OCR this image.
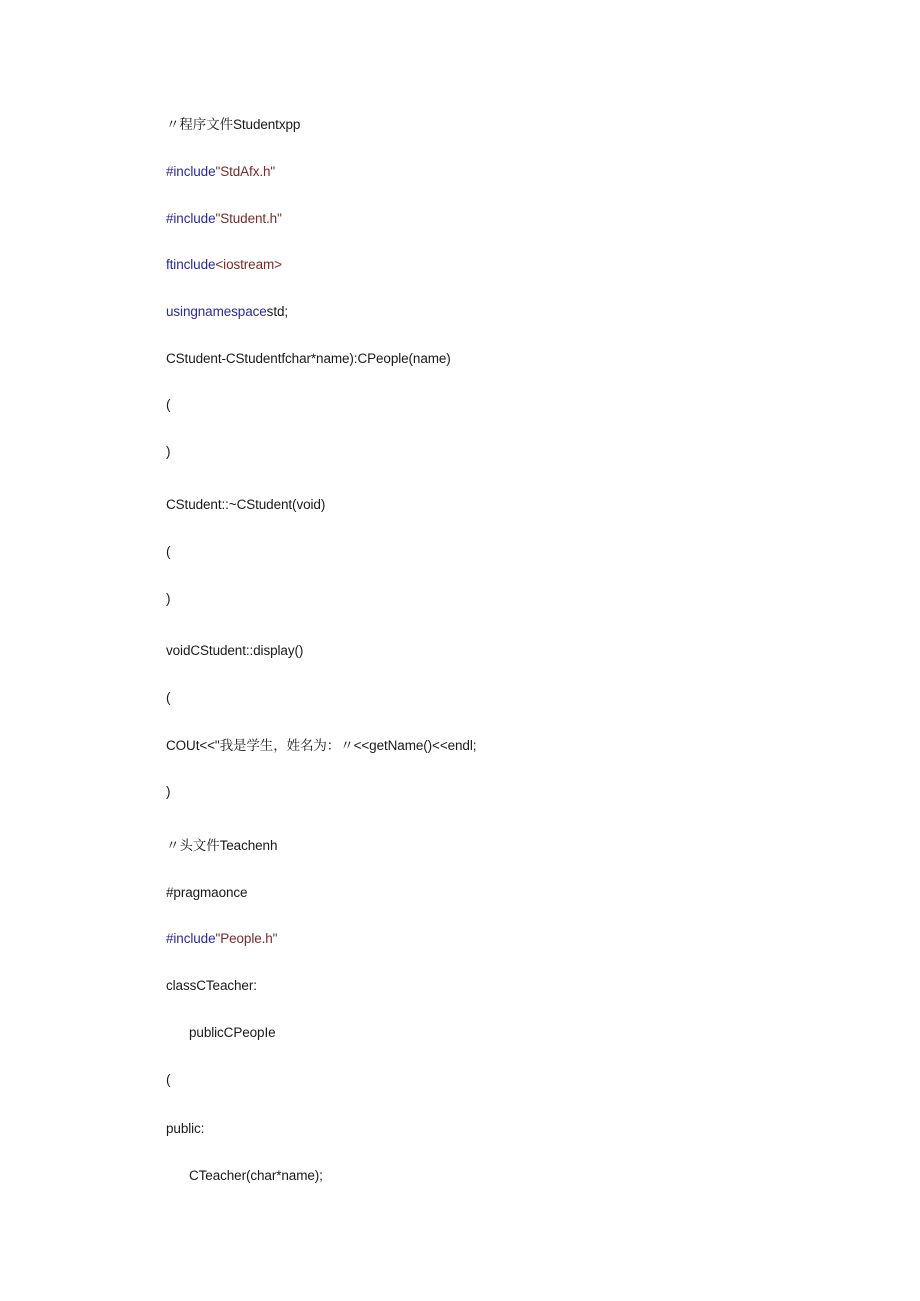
〃程序文件Studentxpp
#include"StdAfx.h"
#include"Student.h"
ftinclude<iostream>
usingnamespacestd;
CStudent-CStudentfchar*name):CPeople(name)
(
)
CStudent::~CStudent(void)
(
)
voidCStudent::display()
(
COUt<<"我是学生，姓名为：〃<<getName()<<endl;
)
〃头文件Teachenh
#pragmaonce
#include"People.h"
classCTeacher:
publicCPeopIe
(
public:
CTeacher(char*name);
